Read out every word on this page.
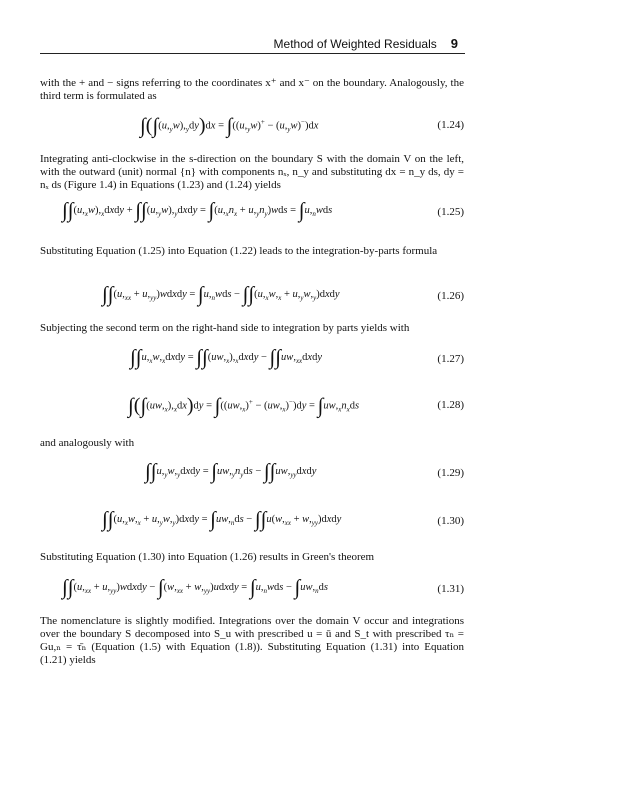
Method of Weighted Residuals 9
with the + and − signs referring to the coordinates x⁺ and x⁻ on the boundary. Analogously, the third term is formulated as
$\int(\int(u,_yw),_ydy)dx = \int((u,_yw)^+ - (u,_yw)^-)dx$	(1.24)
Integrating anti-clockwise in the s-direction on the boundary S with the domain V on the left, with the outward (unit) normal {n} with components nₓ, n_y and substituting dx = n_y ds, dy = nₓ ds (Figure 1.4) in Equations (1.23) and (1.24) yields
$\int\int(u,_xw),_xdxdy$ + $\int\int(u,_yw),_ydxdy = \int(u,_xn_x + u,_yn_y)wds = \int u,_nwds$	(1.25)
Substituting Equation (1.25) into Equation (1.22) leads to the integration-by-parts formula
$\int\int(u,_{xx}$ + $u,_{yy})wdxdy = \int u,_nwds - \int\int(u,_xw,_x$ + $u,_yw,_y)dxdy$	(1.26)
Subjecting the second term on the right-hand side to integration by parts yields with
$\int\int u,_xw,_xdxdy$ = $\int\int(uw,_x),_xdxdy$ − $\int\int uw,_{xx}dxdy$	(1.27)
$\int(\int(uw,_x),_xdx)dy = \int((uw,_x)^+ - (uw,_x)^-)dy = \int uw,_xn_xds$	(1.28)
and analogously with
$\int\int u,_yw,_ydxdy = \int uw,_yn_yds$ − $\int\int uw,_{yy}dxdy$	(1.29)
$\int\int(u,_xw,_x$ + $u,_yw,_y)dxdy = \int uw,_nds - \int\int u(w,_{xx}$ + $w,_{yy})dxdy$	(1.30)
Substituting Equation (1.30) into Equation (1.26) results in Green's theorem
$\int\int(u,_{xx}$ + $u,_{yy})wdxdy - \int(w,_{xx}$ + $w,_{yy})udxdy = \int u,_nwds - \int uw,_nds$	(1.31)
The nomenclature is slightly modified. Integrations over the domain V occur and integrations over the boundary S decomposed into S_u with prescribed u = ū and S_t with prescribed τₙ = Gu,ₙ = τ̄ₙ (Equation (1.5) with Equation (1.8)). Substituting Equation (1.31) into Equation (1.21) yields
